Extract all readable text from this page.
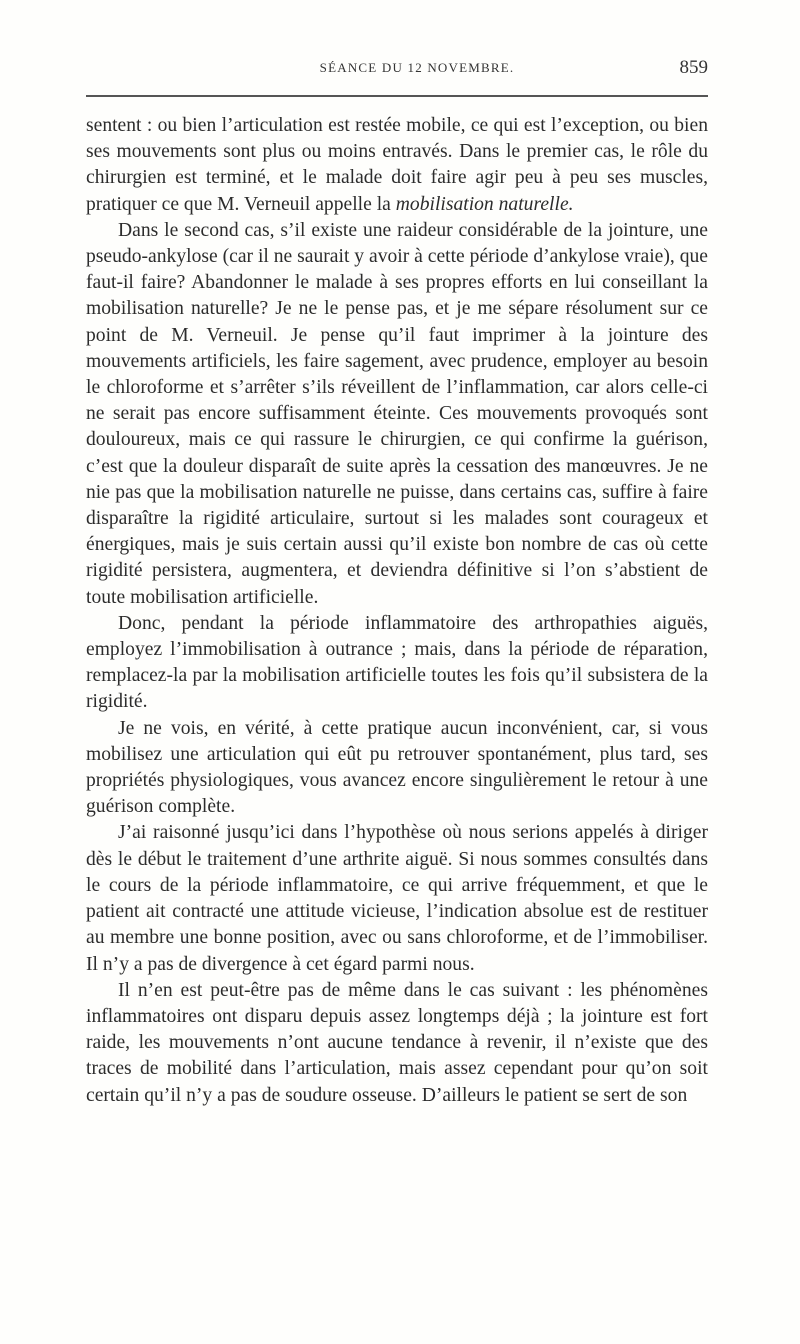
SÉANCE DU 12 NOVEMBRE.	859

sentent : ou bien l’articulation est restée mobile, ce qui est l’exception, ou bien ses mouvements sont plus ou moins entravés. Dans le premier cas, le rôle du chirurgien est terminé, et le malade doit faire agir peu à peu ses muscles, pratiquer ce que M. Verneuil appelle la mobilisation naturelle.

Dans le second cas, s’il existe une raideur considérable de la jointure, une pseudo-ankylose (car il ne saurait y avoir à cette période d’ankylose vraie), que faut-il faire? Abandonner le malade à ses propres efforts en lui conseillant la mobilisation naturelle? Je ne le pense pas, et je me sépare résolument sur ce point de M. Verneuil. Je pense qu’il faut imprimer à la jointure des mouvements artificiels, les faire sagement, avec prudence, employer au besoin le chloroforme et s’arrêter s’ils réveillent de l’inflammation, car alors celle-ci ne serait pas encore suffisamment éteinte. Ces mouvements provoqués sont douloureux, mais ce qui rassure le chirurgien, ce qui confirme la guérison, c’est que la douleur disparaît de suite après la cessation des manœuvres. Je ne nie pas que la mobilisation naturelle ne puisse, dans certains cas, suffire à faire disparaître la rigidité articulaire, surtout si les malades sont courageux et énergiques, mais je suis certain aussi qu’il existe bon nombre de cas où cette rigidité persistera, augmentera, et deviendra définitive si l’on s’abstient de toute mobilisation artificielle.

Donc, pendant la période inflammatoire des arthropathies aiguës, employez l’immobilisation à outrance ; mais, dans la période de réparation, remplacez-la par la mobilisation artificielle toutes les fois qu’il subsistera de la rigidité.

Je ne vois, en vérité, à cette pratique aucun inconvénient, car, si vous mobilisez une articulation qui eût pu retrouver spontanément, plus tard, ses propriétés physiologiques, vous avancez encore singulièrement le retour à une guérison complète.

J’ai raisonné jusqu’ici dans l’hypothèse où nous serions appelés à diriger dès le début le traitement d’une arthrite aiguë. Si nous sommes consultés dans le cours de la période inflammatoire, ce qui arrive fréquemment, et que le patient ait contracté une attitude vicieuse, l’indication absolue est de restituer au membre une bonne position, avec ou sans chloroforme, et de l’immobiliser. Il n’y a pas de divergence à cet égard parmi nous.

Il n’en est peut-être pas de même dans le cas suivant : les phénomènes inflammatoires ont disparu depuis assez longtemps déjà ; la jointure est fort raide, les mouvements n’ont aucune tendance à revenir, il n’existe que des traces de mobilité dans l’articulation, mais assez cependant pour qu’on soit certain qu’il n’y a pas de soudure osseuse. D’ailleurs le patient se sert de son
